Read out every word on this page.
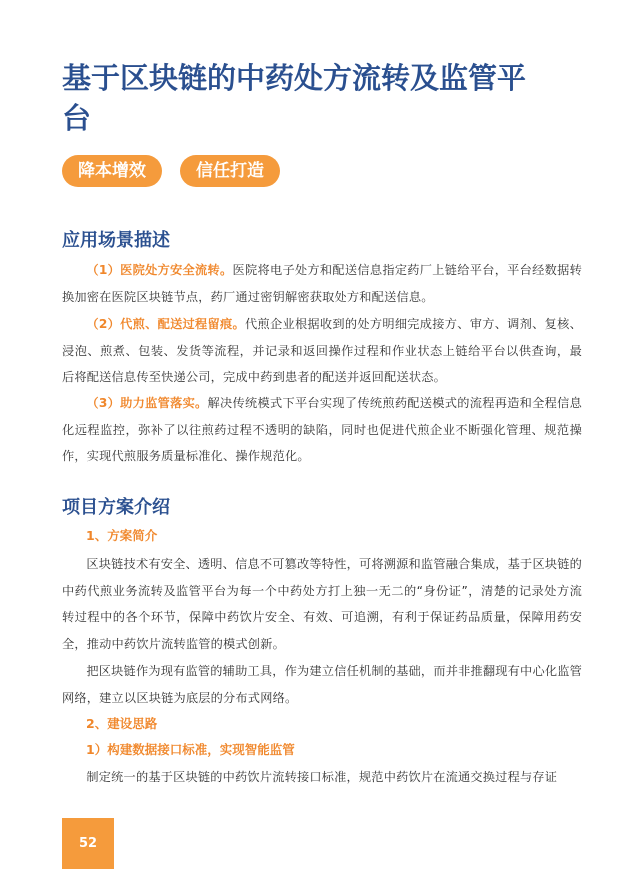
基于区块链的中药处方流转及监管平台
降本增效	信任打造
应用场景描述

（1）医院处方安全流转。医院将电子处方和配送信息指定药厂上链给平台，平台经数据转换加密在医院区块链节点，药厂通过密钥解密获取处方和配送信息。

（2）代煎、配送过程留痕。代煎企业根据收到的处方明细完成接方、审方、调剂、复核、浸泡、煎煮、包装、发货等流程，并记录和返回操作过程和作业状态上链给平台以供查询，最后将配送信息传至快递公司，完成中药到患者的配送并返回配送状态。

（3）助力监管落实。解决传统模式下平台实现了传统煎药配送模式的流程再造和全程信息化远程监控，弥补了以往煎药过程不透明的缺陷，同时也促进代煎企业不断强化管理、规范操作，实现代煎服务质量标准化、操作规范化。

项目方案介绍

1、方案简介

区块链技术有安全、透明、信息不可篡改等特性，可将溯源和监管融合集成，基于区块链的中药代煎业务流转及监管平台为每一个中药处方打上独一无二的“身份证”，清楚的记录处方流转过程中的各个环节，保障中药饮片安全、有效、可追溯，有利于保证药品质量，保障用药安全，推动中药饮片流转监管的模式创新。

把区块链作为现有监管的辅助工具，作为建立信任机制的基础，而并非推翻现有中心化监管网络，建立以区块链为底层的分布式网络。

2、建设思路

1）构建数据接口标准，实现智能监管

制定统一的基于区块链的中药饮片流转接口标准，规范中药饮片在流通交换过程与存证

52
